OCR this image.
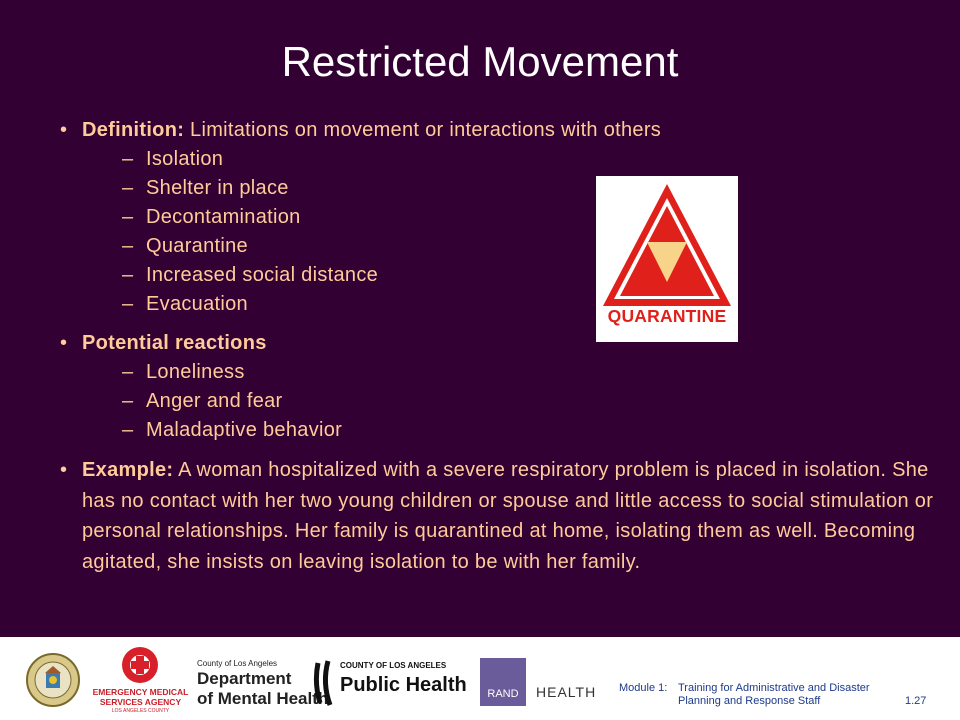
Restricted Movement
• Definition: Limitations on movement or interactions with others
– Isolation
– Shelter in place
– Decontamination
– Quarantine
– Increased social distance
– Evacuation
• Potential reactions
– Loneliness
– Anger and fear
– Maladaptive behavior
• Example: A woman hospitalized with a severe respiratory problem is placed in isolation. She has no contact with her two young children or spouse and little access to social stimulation or personal relationships. Her family is quarantined at home, isolating them as well. Becoming agitated, she insists on leaving isolation to be with her family.
QUARANTINE
EMERGENCY MEDICAL
SERVICES AGENCY
LOS ANGELES COUNTY
County of Los Angeles
Department
of Mental Health
COUNTY OF LOS ANGELES
Public Health	RAND	HEALTH Module 1: Training for Administrative and Disaster
Planning and Response Staff	1.27
